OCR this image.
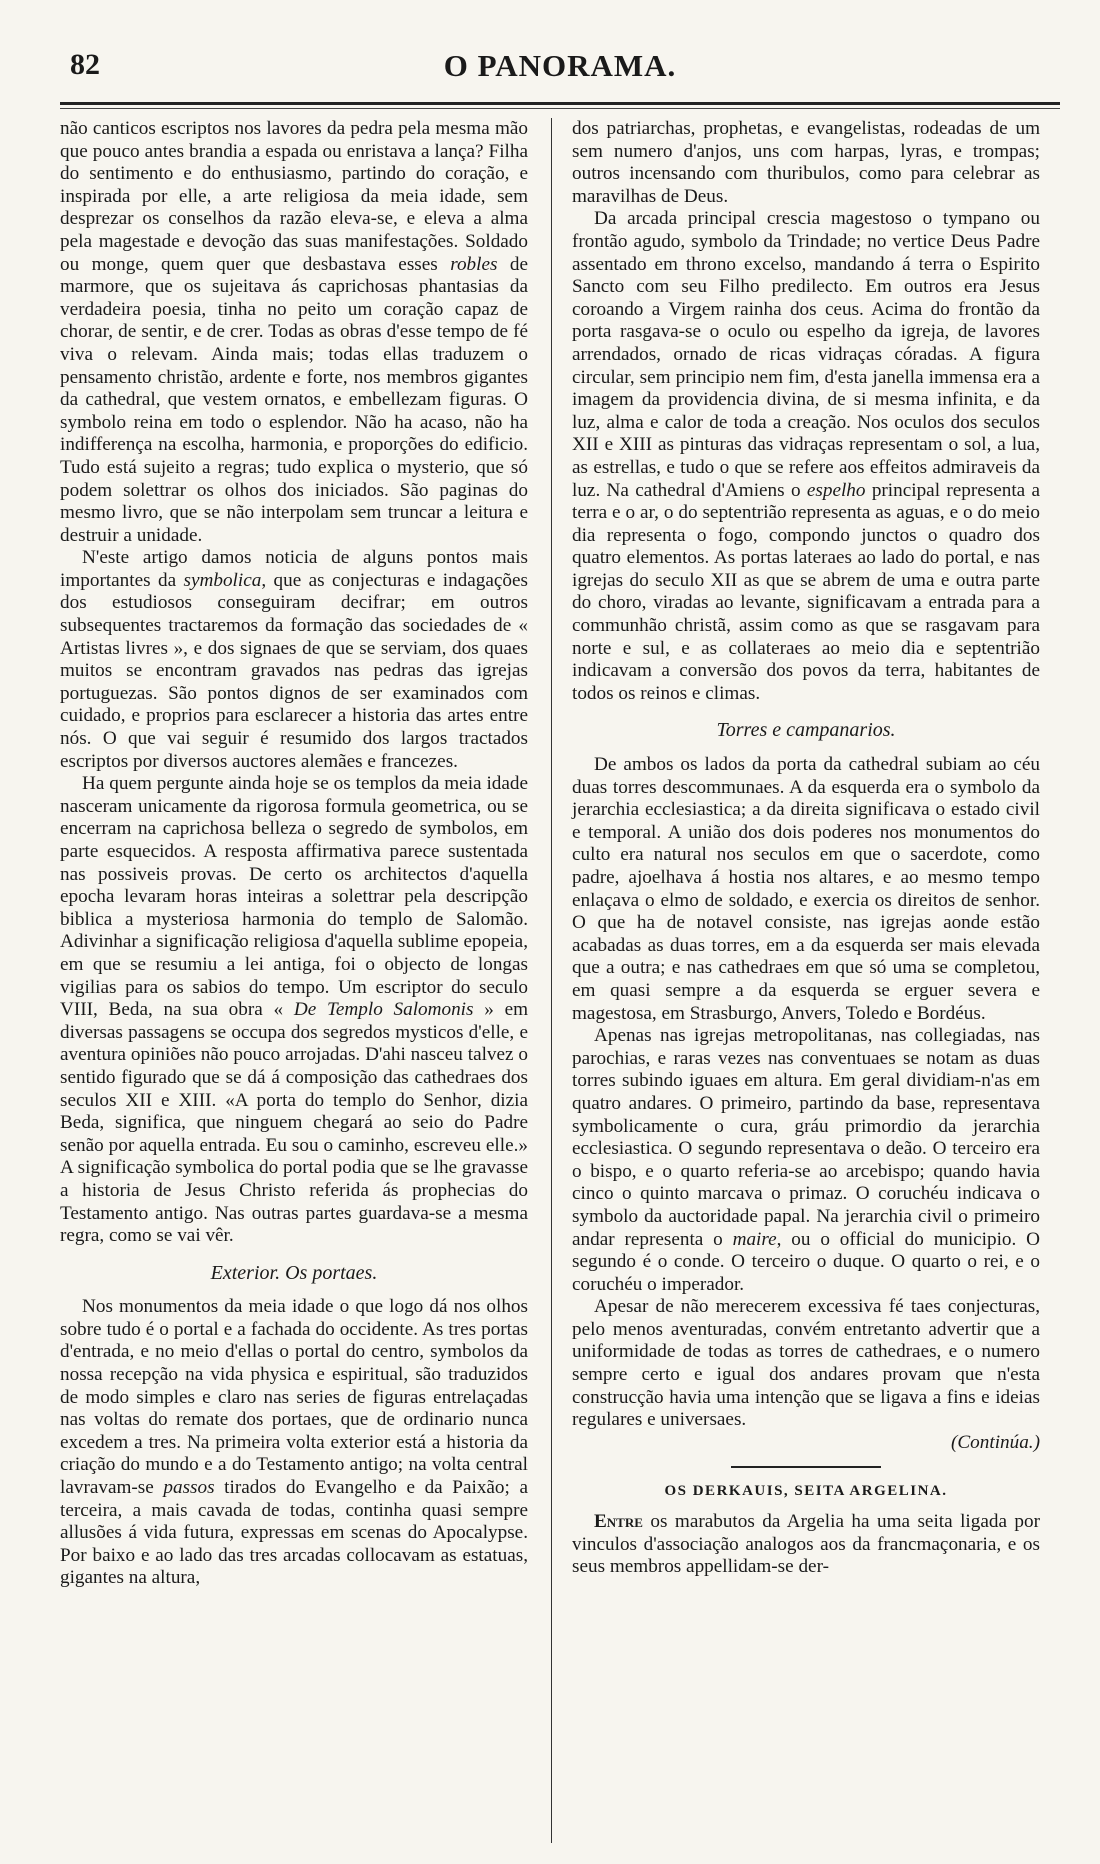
82	O PANORAMA.

não canticos escriptos nos lavores da pedra pela mesma mão que pouco antes brandia a espada ou enristava a lança? Filha do sentimento e do enthusiasmo, partindo do coração, e inspirada por elle, a arte religiosa da meia idade, sem desprezar os conselhos da razão eleva-se, e eleva a alma pela magestade e devoção das suas manifestações. Soldado ou monge, quem quer que desbastava esses robles de marmore, que os sujeitava ás caprichosas phantasias da verdadeira poesia, tinha no peito um coração capaz de chorar, de sentir, e de crer. Todas as obras d'esse tempo de fé viva o relevam. Ainda mais; todas ellas traduzem o pensamento christão, ardente e forte, nos membros gigantes da cathedral, que vestem ornatos, e embellezam figuras. O symbolo reina em todo o esplendor. Não ha acaso, não ha indifferença na escolha, harmonia, e proporções do edificio. Tudo está sujeito a regras; tudo explica o mysterio, que só podem solettrar os olhos dos iniciados. São paginas do mesmo livro, que se não interpolam sem truncar a leitura e destruir a unidade.

N'este artigo damos noticia de alguns pontos mais importantes da symbolica, que as conjecturas e indagações dos estudiosos conseguiram decifrar; em outros subsequentes tractaremos da formação das sociedades de « Artistas livres », e dos signaes de que se serviam, dos quaes muitos se encontram gravados nas pedras das igrejas portuguezas. São pontos dignos de ser examinados com cuidado, e proprios para esclarecer a historia das artes entre nós. O que vai seguir é resumido dos largos tractados escriptos por diversos auctores alemães e francezes.

Ha quem pergunte ainda hoje se os templos da meia idade nasceram unicamente da rigorosa formula geometrica, ou se encerram na caprichosa belleza o segredo de symbolos, em parte esquecidos. A resposta affirmativa parece sustentada nas possiveis provas. De certo os architectos d'aquella epocha levaram horas inteiras a solettrar pela descripção biblica a mysteriosa harmonia do templo de Salomão. Adivinhar a significação religiosa d'aquella sublime epopeia, em que se resumiu a lei antiga, foi o objecto de longas vigilias para os sabios do tempo. Um escriptor do seculo VIII, Beda, na sua obra « De Templo Salomonis » em diversas passagens se occupa dos segredos mysticos d'elle, e aventura opiniões não pouco arrojadas. D'ahi nasceu talvez o sentido figurado que se dá á composição das cathedraes dos seculos XII e XIII. «A porta do templo do Senhor, dizia Beda, significa, que ninguem chegará ao seio do Padre senão por aquella entrada. Eu sou o caminho, escreveu elle.» A significação symbolica do portal podia que se lhe gravasse a historia de Jesus Christo referida ás prophecias do Testamento antigo. Nas outras partes guardava-se a mesma regra, como se vai vêr.

Exterior. Os portaes.

Nos monumentos da meia idade o que logo dá nos olhos sobre tudo é o portal e a fachada do occidente. As tres portas d'entrada, e no meio d'ellas o portal do centro, symbolos da nossa recepção na vida physica e espiritual, são traduzidos de modo simples e claro nas series de figuras entrelaçadas nas voltas do remate dos portaes, que de ordinario nunca excedem a tres. Na primeira volta exterior está a historia da criação do mundo e a do Testamento antigo; na volta central lavravam-se passos tirados do Evangelho e da Paixão; a terceira, a mais cavada de todas, continha quasi sempre allusões á vida futura, expressas em scenas do Apocalypse. Por baixo e ao lado das tres arcadas collocavam as estatuas, gigantes na altura,

dos patriarchas, prophetas, e evangelistas, rodeadas de um sem numero d'anjos, uns com harpas, lyras, e trompas; outros incensando com thuribulos, como para celebrar as maravilhas de Deus.

Da arcada principal crescia magestoso o tympano ou frontão agudo, symbolo da Trindade; no vertice Deus Padre assentado em throno excelso, mandando á terra o Espirito Sancto com seu Filho predilecto. Em outros era Jesus coroando a Virgem rainha dos ceus. Acima do frontão da porta rasgava-se o oculo ou espelho da igreja, de lavores arrendados, ornado de ricas vidraças córadas. A figura circular, sem principio nem fim, d'esta janella immensa era a imagem da providencia divina, de si mesma infinita, e da luz, alma e calor de toda a creação. Nos oculos dos seculos XII e XIII as pinturas das vidraças representam o sol, a lua, as estrellas, e tudo o que se refere aos effeitos admiraveis da luz. Na cathedral d'Amiens o espelho principal representa a terra e o ar, o do septentrião representa as aguas, e o do meio dia representa o fogo, compondo junctos o quadro dos quatro elementos. As portas lateraes ao lado do portal, e nas igrejas do seculo XII as que se abrem de uma e outra parte do choro, viradas ao levante, significavam a entrada para a communhão christã, assim como as que se rasgavam para norte e sul, e as collateraes ao meio dia e septentrião indicavam a conversão dos povos da terra, habitantes de todos os reinos e climas.

Torres e campanarios.

De ambos os lados da porta da cathedral subiam ao céu duas torres descommunaes. A da esquerda era o symbolo da jerarchia ecclesiastica; a da direita significava o estado civil e temporal. A união dos dois poderes nos monumentos do culto era natural nos seculos em que o sacerdote, como padre, ajoelhava á hostia nos altares, e ao mesmo tempo enlaçava o elmo de soldado, e exercia os direitos de senhor. O que ha de notavel consiste, nas igrejas aonde estão acabadas as duas torres, em a da esquerda ser mais elevada que a outra; e nas cathedraes em que só uma se completou, em quasi sempre a da esquerda se erguer severa e magestosa, em Strasburgo, Anvers, Toledo e Bordéus.

Apenas nas igrejas metropolitanas, nas collegiadas, nas parochias, e raras vezes nas conventuaes se notam as duas torres subindo iguaes em altura. Em geral dividiam-n'as em quatro andares. O primeiro, partindo da base, representava symbolicamente o cura, gráu primordio da jerarchia ecclesiastica. O segundo representava o deão. O terceiro era o bispo, e o quarto referia-se ao arcebispo; quando havia cinco o quinto marcava o primaz. O coruchéu indicava o symbolo da auctoridade papal. Na jerarchia civil o primeiro andar representa o maire, ou o official do municipio. O segundo é o conde. O terceiro o duque. O quarto o rei, e o coruchéu o imperador.

Apesar de não merecerem excessiva fé taes conjecturas, pelo menos aventuradas, convém entretanto advertir que a uniformidade de todas as torres de cathedraes, e o numero sempre certo e igual dos andares provam que n'esta construcção havia uma intenção que se ligava a fins e ideias regulares e universaes.

(Continúa.)

OS DERKAUIS, SEITA ARGELINA.

Entre os marabutos da Argelia ha uma seita ligada por vinculos d'associação analogos aos da francmaçonaria, e os seus membros appellidam-se der-
